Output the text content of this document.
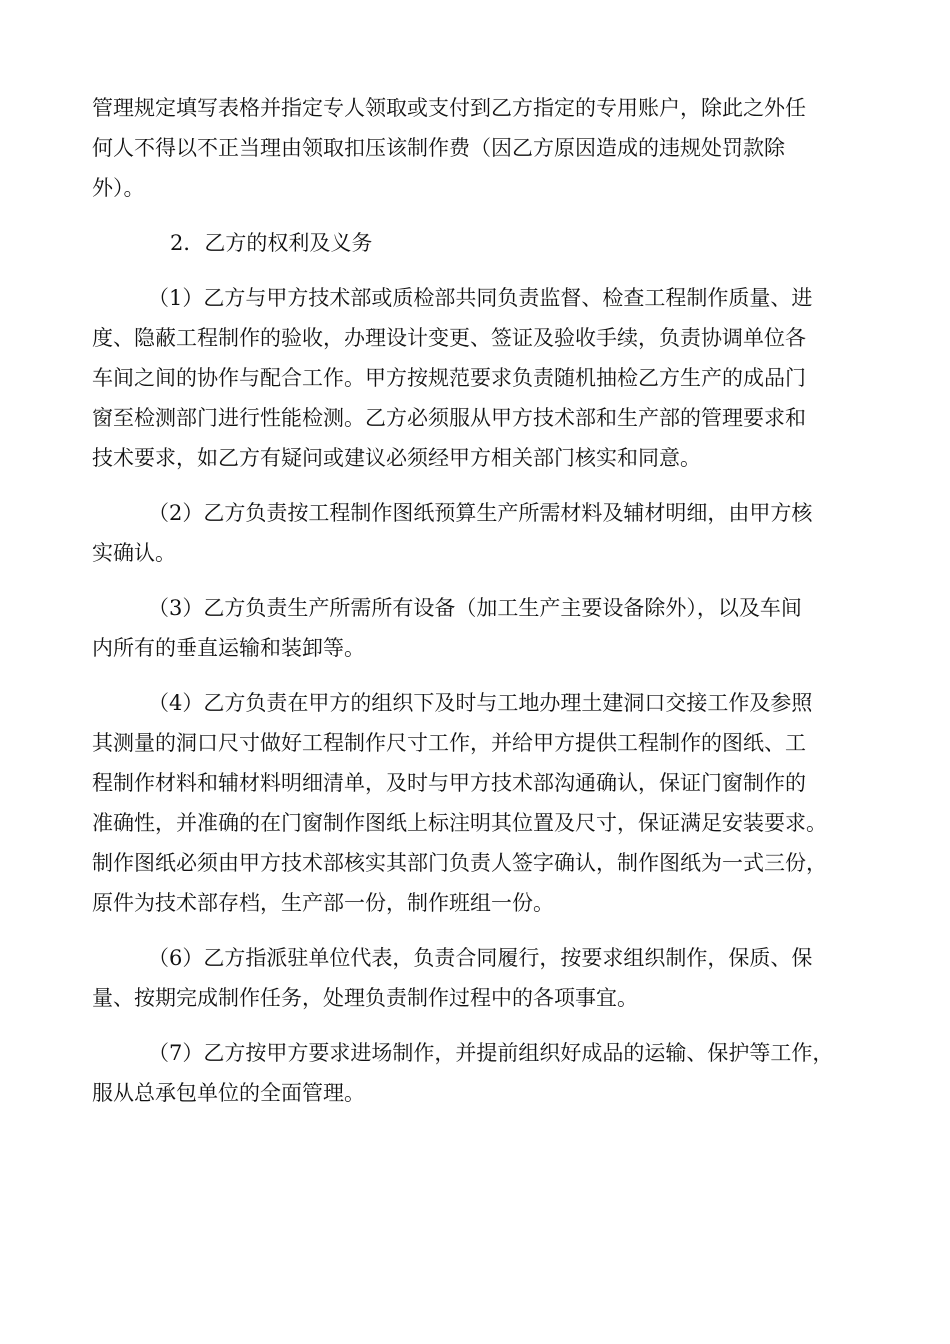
管理规定填写表格并指定专人领取或支付到乙方指定的专用账户，除此之外任

何人不得以不正当理由领取扣压该制作费（因乙方原因造成的违规处罚款除

外）。

2．乙方的权利及义务

（1）乙方与甲方技术部或质检部共同负责监督、检查工程制作质量、进

度、隐蔽工程制作的验收，办理设计变更、签证及验收手续，负责协调单位各

车间之间的协作与配合工作。甲方按规范要求负责随机抽检乙方生产的成品门

窗至检测部门进行性能检测。乙方必须服从甲方技术部和生产部的管理要求和

技术要求，如乙方有疑问或建议必须经甲方相关部门核实和同意。

（2）乙方负责按工程制作图纸预算生产所需材料及辅材明细，由甲方核

实确认。

（3）乙方负责生产所需所有设备（加工生产主要设备除外），以及车间

内所有的垂直运输和装卸等。

（4）乙方负责在甲方的组织下及时与工地办理土建洞口交接工作及参照

其测量的洞口尺寸做好工程制作尺寸工作，并给甲方提供工程制作的图纸、工

程制作材料和辅材料明细清单，及时与甲方技术部沟通确认，保证门窗制作的

准确性，并准确的在门窗制作图纸上标注明其位置及尺寸，保证满足安装要求。

制作图纸必须由甲方技术部核实其部门负责人签字确认，制作图纸为一式三份，

原件为技术部存档，生产部一份，制作班组一份。

（6）乙方指派驻单位代表，负责合同履行，按要求组织制作，保质、保

量、按期完成制作任务，处理负责制作过程中的各项事宜。

（7）乙方按甲方要求进场制作，并提前组织好成品的运输、保护等工作，

服从总承包单位的全面管理。
